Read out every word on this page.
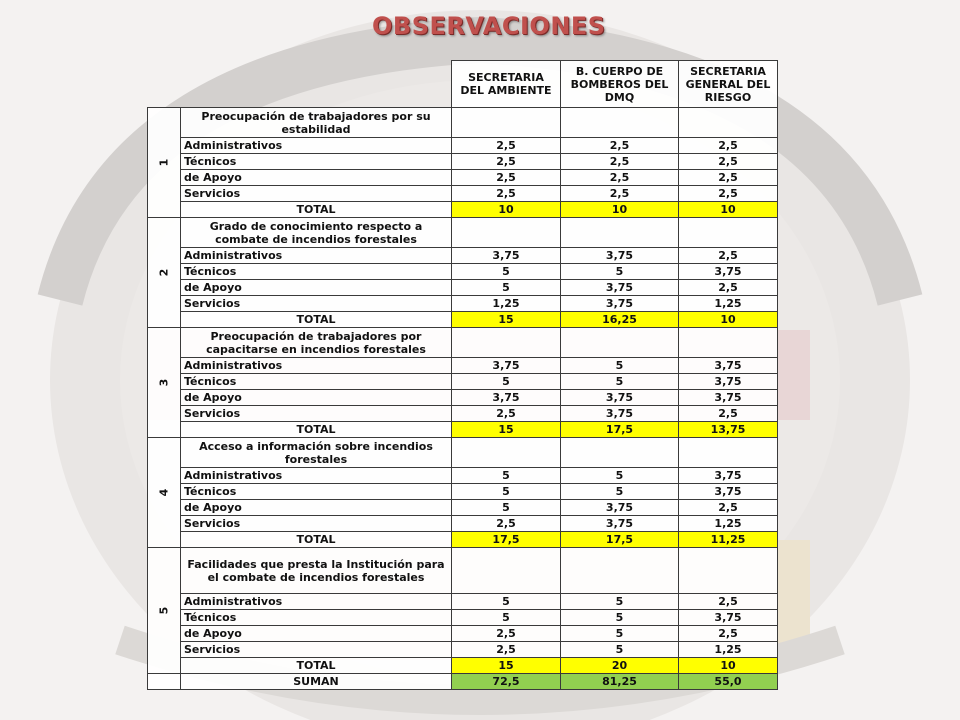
OBSERVACIONES
		SECRETARIA DEL AMBIENTE	B. CUERPO DE BOMBEROS DEL DMQ	SECRETARIA GENERAL DEL RIESGO
1	Preocupación de trabajadores por su estabilidad			
	Administrativos	2,5	2,5	2,5
	Técnicos	2,5	2,5	2,5
	de Apoyo	2,5	2,5	2,5
	Servicios	2,5	2,5	2,5
	TOTAL	10	10	10
2	Grado de conocimiento respecto a combate de incendios forestales			
	Administrativos	3,75	3,75	2,5
	Técnicos	5	5	3,75
	de Apoyo	5	3,75	2,5
	Servicios	1,25	3,75	1,25
	TOTAL	15	16,25	10
3	Preocupación de trabajadores por capacitarse en incendios forestales			
	Administrativos	3,75	5	3,75
	Técnicos	5	5	3,75
	de Apoyo	3,75	3,75	3,75
	Servicios	2,5	3,75	2,5
	TOTAL	15	17,5	13,75
4	Acceso a información sobre incendios forestales			
	Administrativos	5	5	3,75
	Técnicos	5	5	3,75
	de Apoyo	5	3,75	2,5
	Servicios	2,5	3,75	1,25
	TOTAL	17,5	17,5	11,25
5	Facilidades que presta la Institución para el combate de incendios forestales			
	Administrativos	5	5	2,5
	Técnicos	5	5	3,75
	de Apoyo	2,5	5	2,5
	Servicios	2,5	5	1,25
	TOTAL	15	20	10
	SUMAN	72,5	81,25	55,0
